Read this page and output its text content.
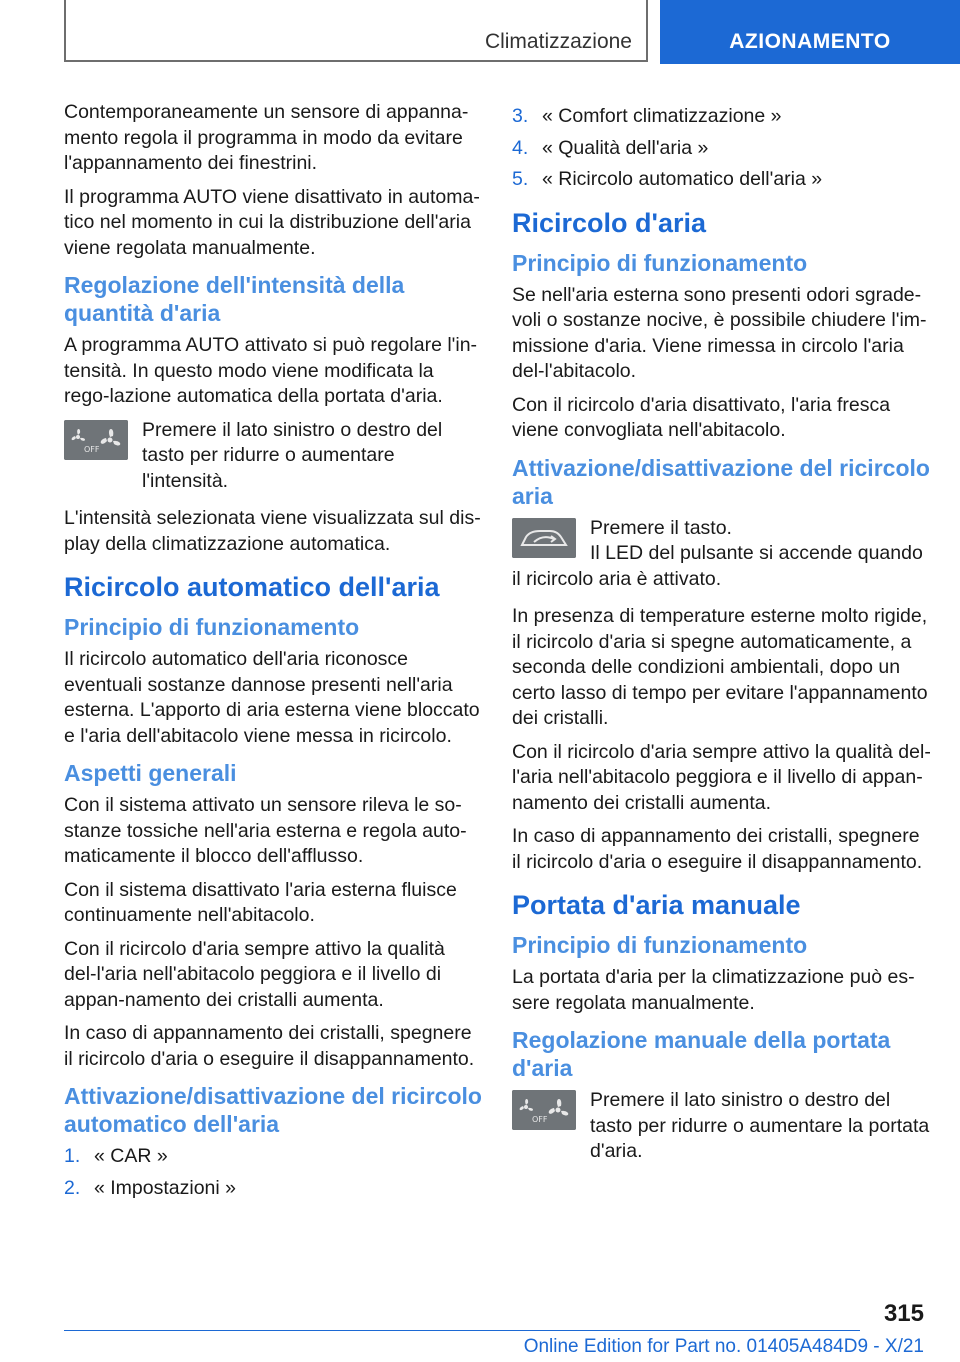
Climatizzazione	AZIONAMENTO

Contemporaneamente un sensore di appanna‐mento regola il programma in modo da evitare l'appannamento dei finestrini.

Il programma AUTO viene disattivato in automa‐tico nel momento in cui la distribuzione dell'aria viene regolata manualmente.

Regolazione dell'intensità della quantità d'aria

A programma AUTO attivato si può regolare l'in‐tensità. In questo modo viene modificata la rego‐lazione automatica della portata d'aria.

OFF

Premere il lato sinistro o destro del tasto per ridurre o aumentare l'intensità.

L'intensità selezionata viene visualizzata sul dis‐play della climatizzazione automatica.

Ricircolo automatico dell'aria
Principio di funzionamento

Il ricircolo automatico dell'aria riconosce eventuali sostanze dannose presenti nell'aria esterna. L'apporto di aria esterna viene bloccato e l'aria dell'abitacolo viene messa in ricircolo.

Aspetti generali

Con il sistema attivato un sensore rileva le so‐stanze tossiche nell'aria esterna e regola auto‐maticamente il blocco dell'afflusso.

Con il sistema disattivato l'aria esterna fluisce continuamente nell'abitacolo.

Con il ricircolo d'aria sempre attivo la qualità del‐l'aria nell'abitacolo peggiora e il livello di appan‐namento dei cristalli aumenta.

In caso di appannamento dei cristalli, spegnere il ricircolo d'aria o eseguire il disappannamento.

Attivazione/disattivazione del ricircolo automatico dell'aria
1. « CAR »
2. « Impostazioni »
3. « Comfort climatizzazione »
4. « Qualità dell'aria »
5. « Ricircolo automatico dell'aria »
Ricircolo d'aria
Principio di funzionamento

Se nell'aria esterna sono presenti odori sgrade‐voli o sostanze nocive, è possibile chiudere l'im‐missione d'aria. Viene rimessa in circolo l'aria del‐l'abitacolo.

Con il ricircolo d'aria disattivato, l'aria fresca viene convogliata nell'abitacolo.

Attivazione/disattivazione del ricircolo aria

Premere il tasto.

Il LED del pulsante si accende quando il ricircolo aria è attivato.

In presenza di temperature esterne molto rigide, il ricircolo d'aria si spegne automaticamente, a seconda delle condizioni ambientali, dopo un certo lasso di tempo per evitare l'appannamento dei cristalli.

Con il ricircolo d'aria sempre attivo la qualità del‐l'aria nell'abitacolo peggiora e il livello di appan‐namento dei cristalli aumenta.

In caso di appannamento dei cristalli, spegnere il ricircolo d'aria o eseguire il disappannamento.

Portata d'aria manuale
Principio di funzionamento

La portata d'aria per la climatizzazione può es‐sere regolata manualmente.

Regolazione manuale della portata d'aria
OFF

Premere il lato sinistro o destro del tasto per ridurre o aumentare la portata d'aria.

315
Online Edition for Part no. 01405A484D9 - X/21
